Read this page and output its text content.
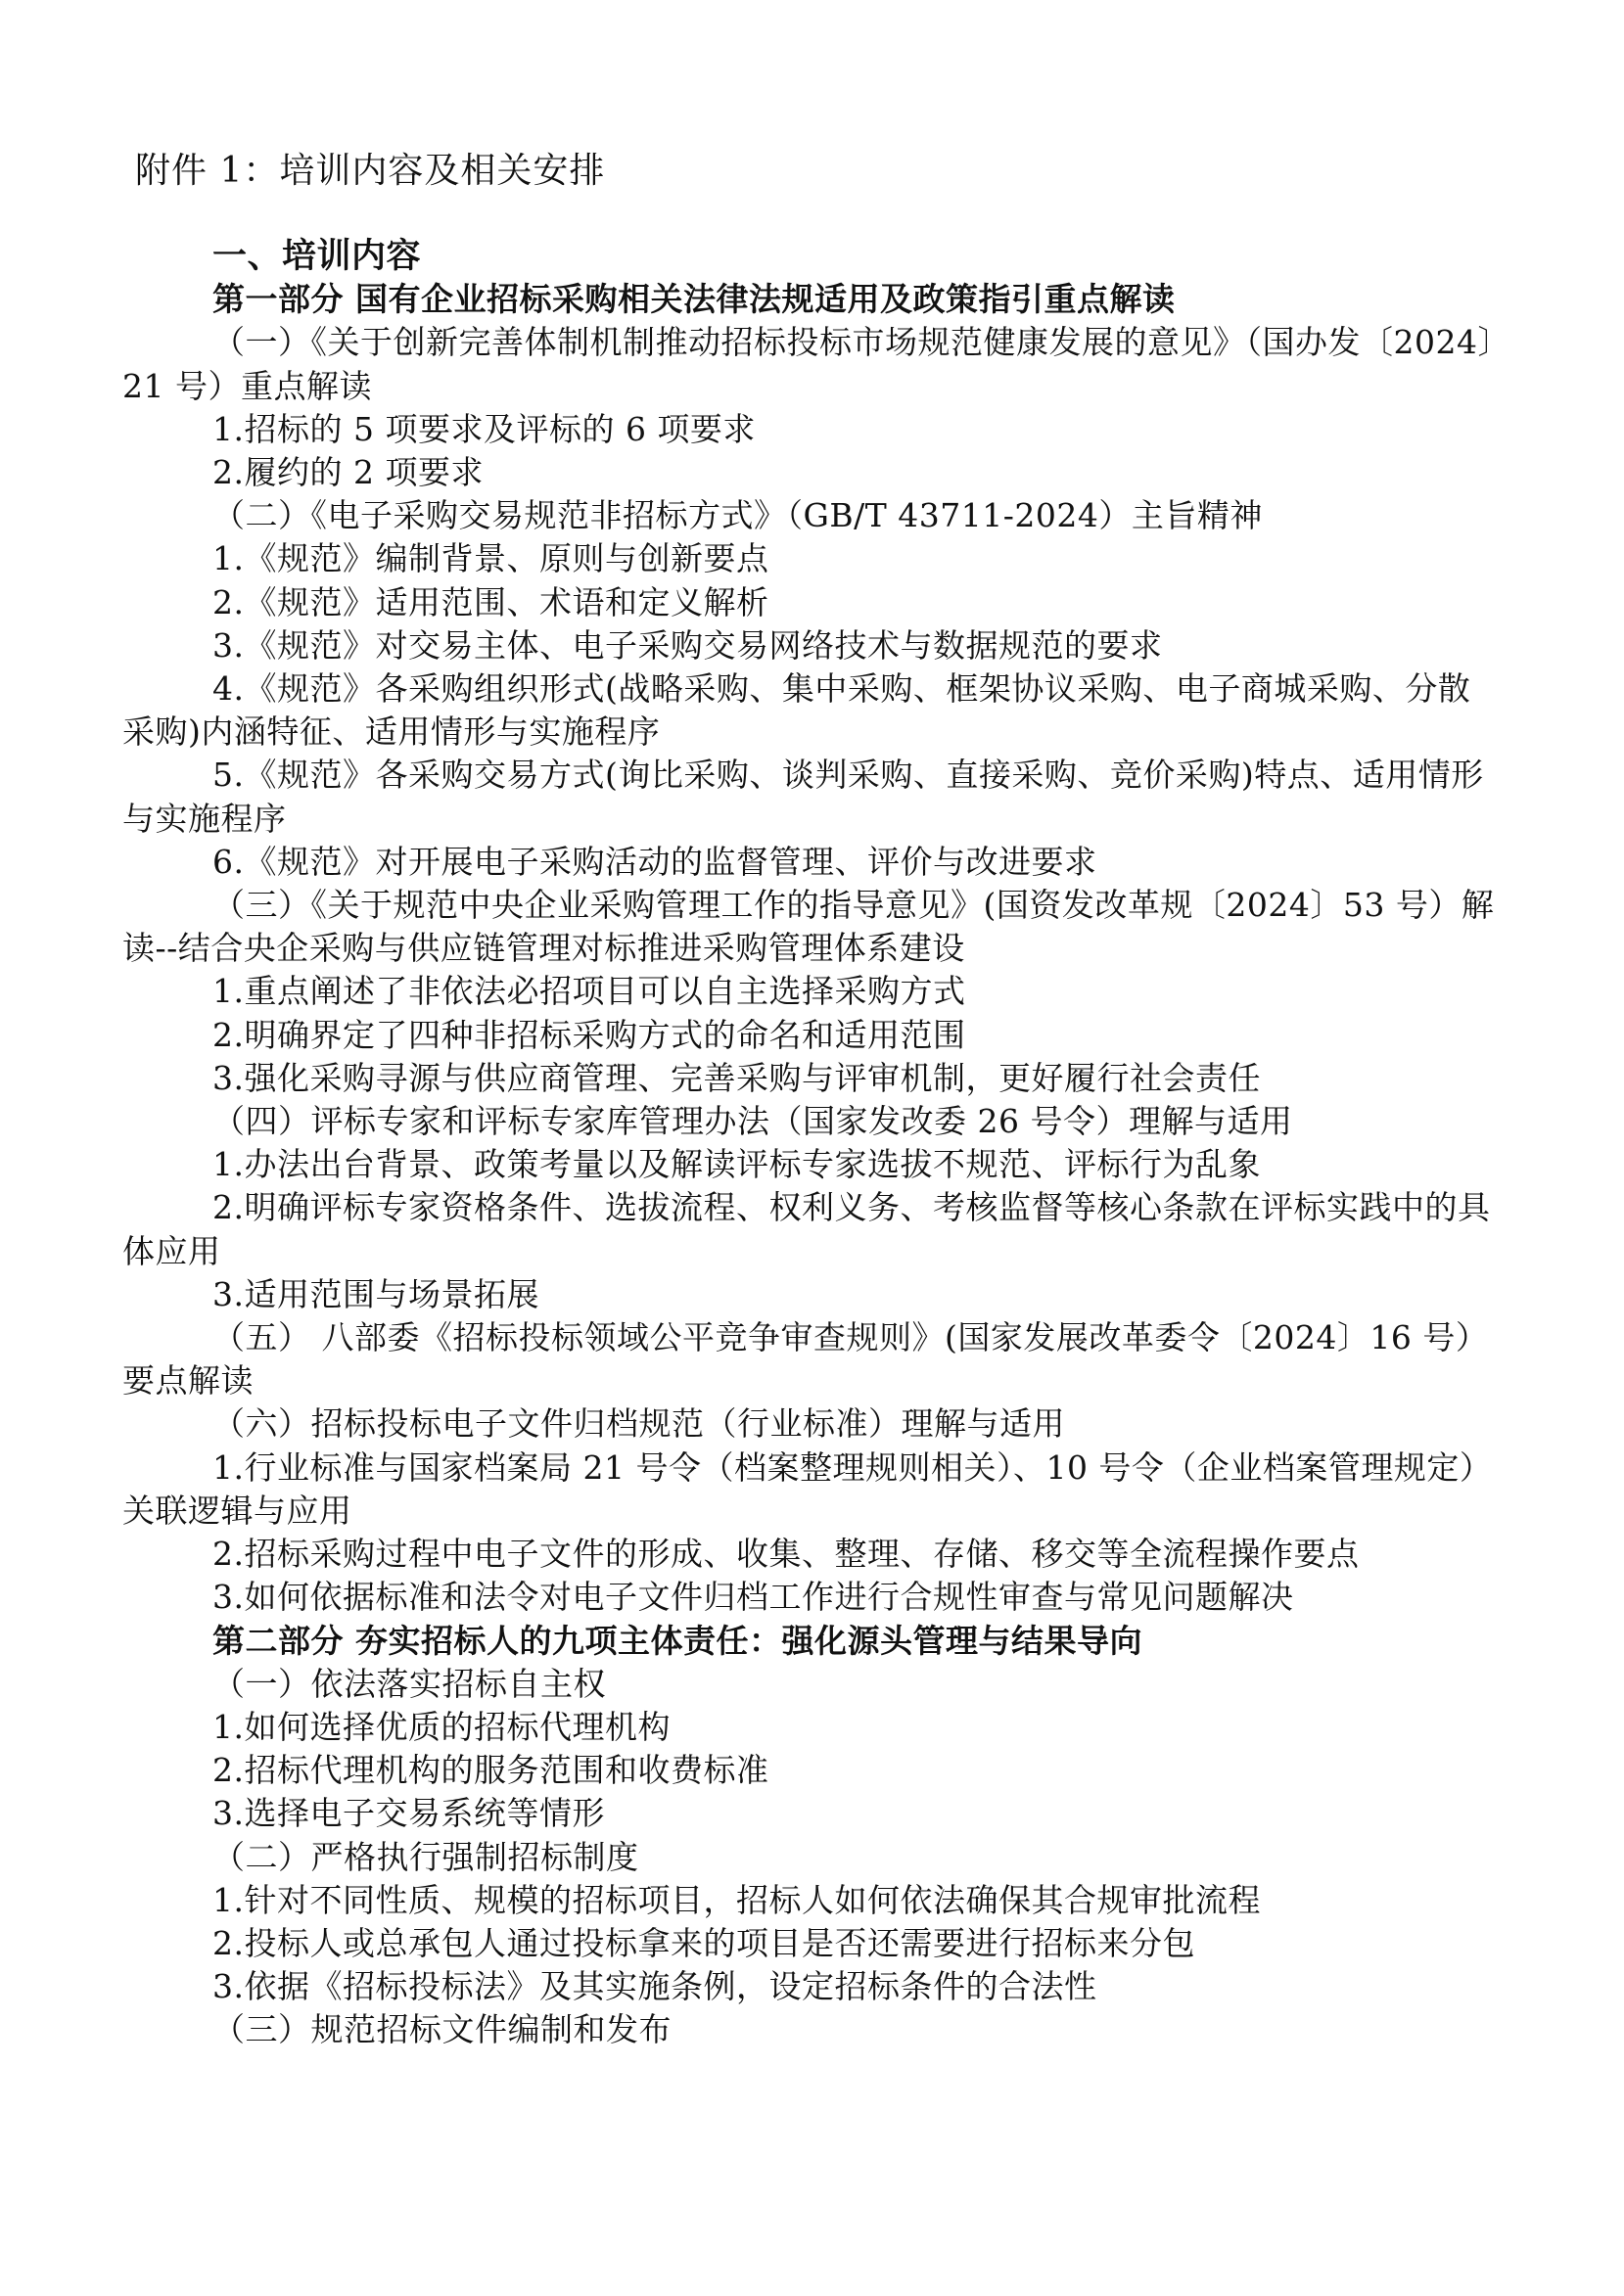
附件 1：培训内容及相关安排

一、培训内容

第一部分 国有企业招标采购相关法律法规适用及政策指引重点解读

（一）《关于创新完善体制机制推动招标投标市场规范健康发展的意见》（国办发〔2024〕21 号）重点解读

1.招标的 5 项要求及评标的 6 项要求

2.履约的 2 项要求

（二）《电子采购交易规范非招标方式》（GB/T 43711-2024）主旨精神

1.《规范》编制背景、原则与创新要点

2.《规范》适用范围、术语和定义解析

3.《规范》对交易主体、电子采购交易网络技术与数据规范的要求

4.《规范》各采购组织形式(战略采购、集中采购、框架协议采购、电子商城采购、分散采购)内涵特征、适用情形与实施程序

5.《规范》各采购交易方式(询比采购、谈判采购、直接采购、竞价采购)特点、适用情形与实施程序

6.《规范》对开展电子采购活动的监督管理、评价与改进要求

（三）《关于规范中央企业采购管理工作的指导意见》(国资发改革规〔2024〕53 号）解读--结合央企采购与供应链管理对标推进采购管理体系建设

1.重点阐述了非依法必招项目可以自主选择采购方式

2.明确界定了四种非招标采购方式的命名和适用范围

3.强化采购寻源与供应商管理、完善采购与评审机制，更好履行社会责任

（四）评标专家和评标专家库管理办法（国家发改委 26 号令）理解与适用

1.办法出台背景、政策考量以及解读评标专家选拔不规范、评标行为乱象

2.明确评标专家资格条件、选拔流程、权利义务、考核监督等核心条款在评标实践中的具体应用

3.适用范围与场景拓展

（五） 八部委《招标投标领域公平竞争审查规则》(国家发展改革委令〔2024〕16 号）要点解读

（六）招标投标电子文件归档规范（行业标准）理解与适用

1.行业标准与国家档案局 21 号令（档案整理规则相关）、10 号令（企业档案管理规定）关联逻辑与应用

2.招标采购过程中电子文件的形成、收集、整理、存储、移交等全流程操作要点

3.如何依据标准和法令对电子文件归档工作进行合规性审查与常见问题解决

第二部分 夯实招标人的九项主体责任：强化源头管理与结果导向

（一）依法落实招标自主权

1.如何选择优质的招标代理机构

2.招标代理机构的服务范围和收费标准

3.选择电子交易系统等情形

（二）严格执行强制招标制度

1.针对不同性质、规模的招标项目，招标人如何依法确保其合规审批流程

2.投标人或总承包人通过投标拿来的项目是否还需要进行招标来分包

3.依据《招标投标法》及其实施条例，设定招标条件的合法性

（三）规范招标文件编制和发布
